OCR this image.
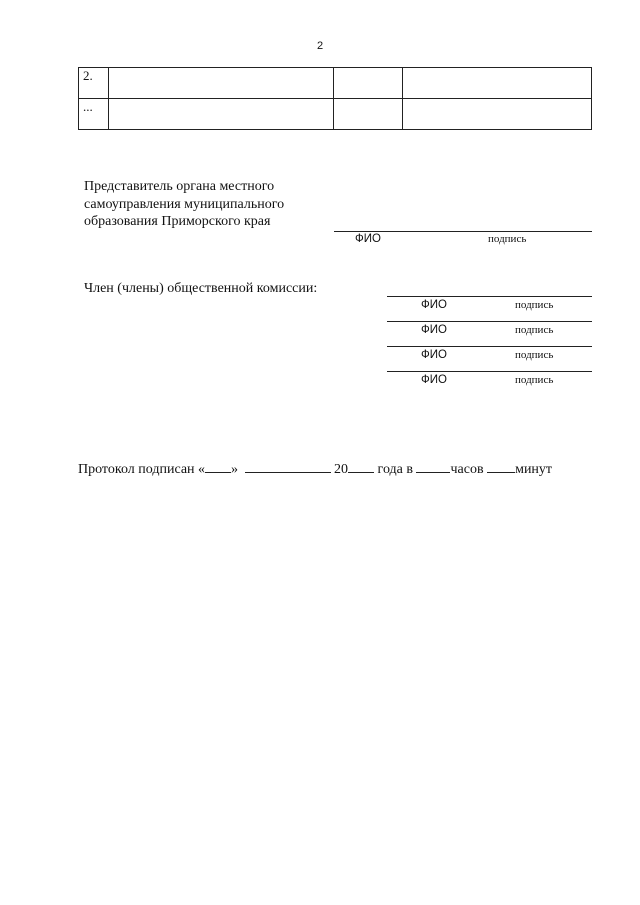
2
2.			
...			
Представитель органа местного
самоуправления муниципального
образования Приморского края
ФИО	подпись
Член (члены) общественной комиссии:
ФИО	подпись
ФИО	подпись
ФИО	подпись
ФИО	подпись
Протокол подписан « »	20 года в	часов минут
